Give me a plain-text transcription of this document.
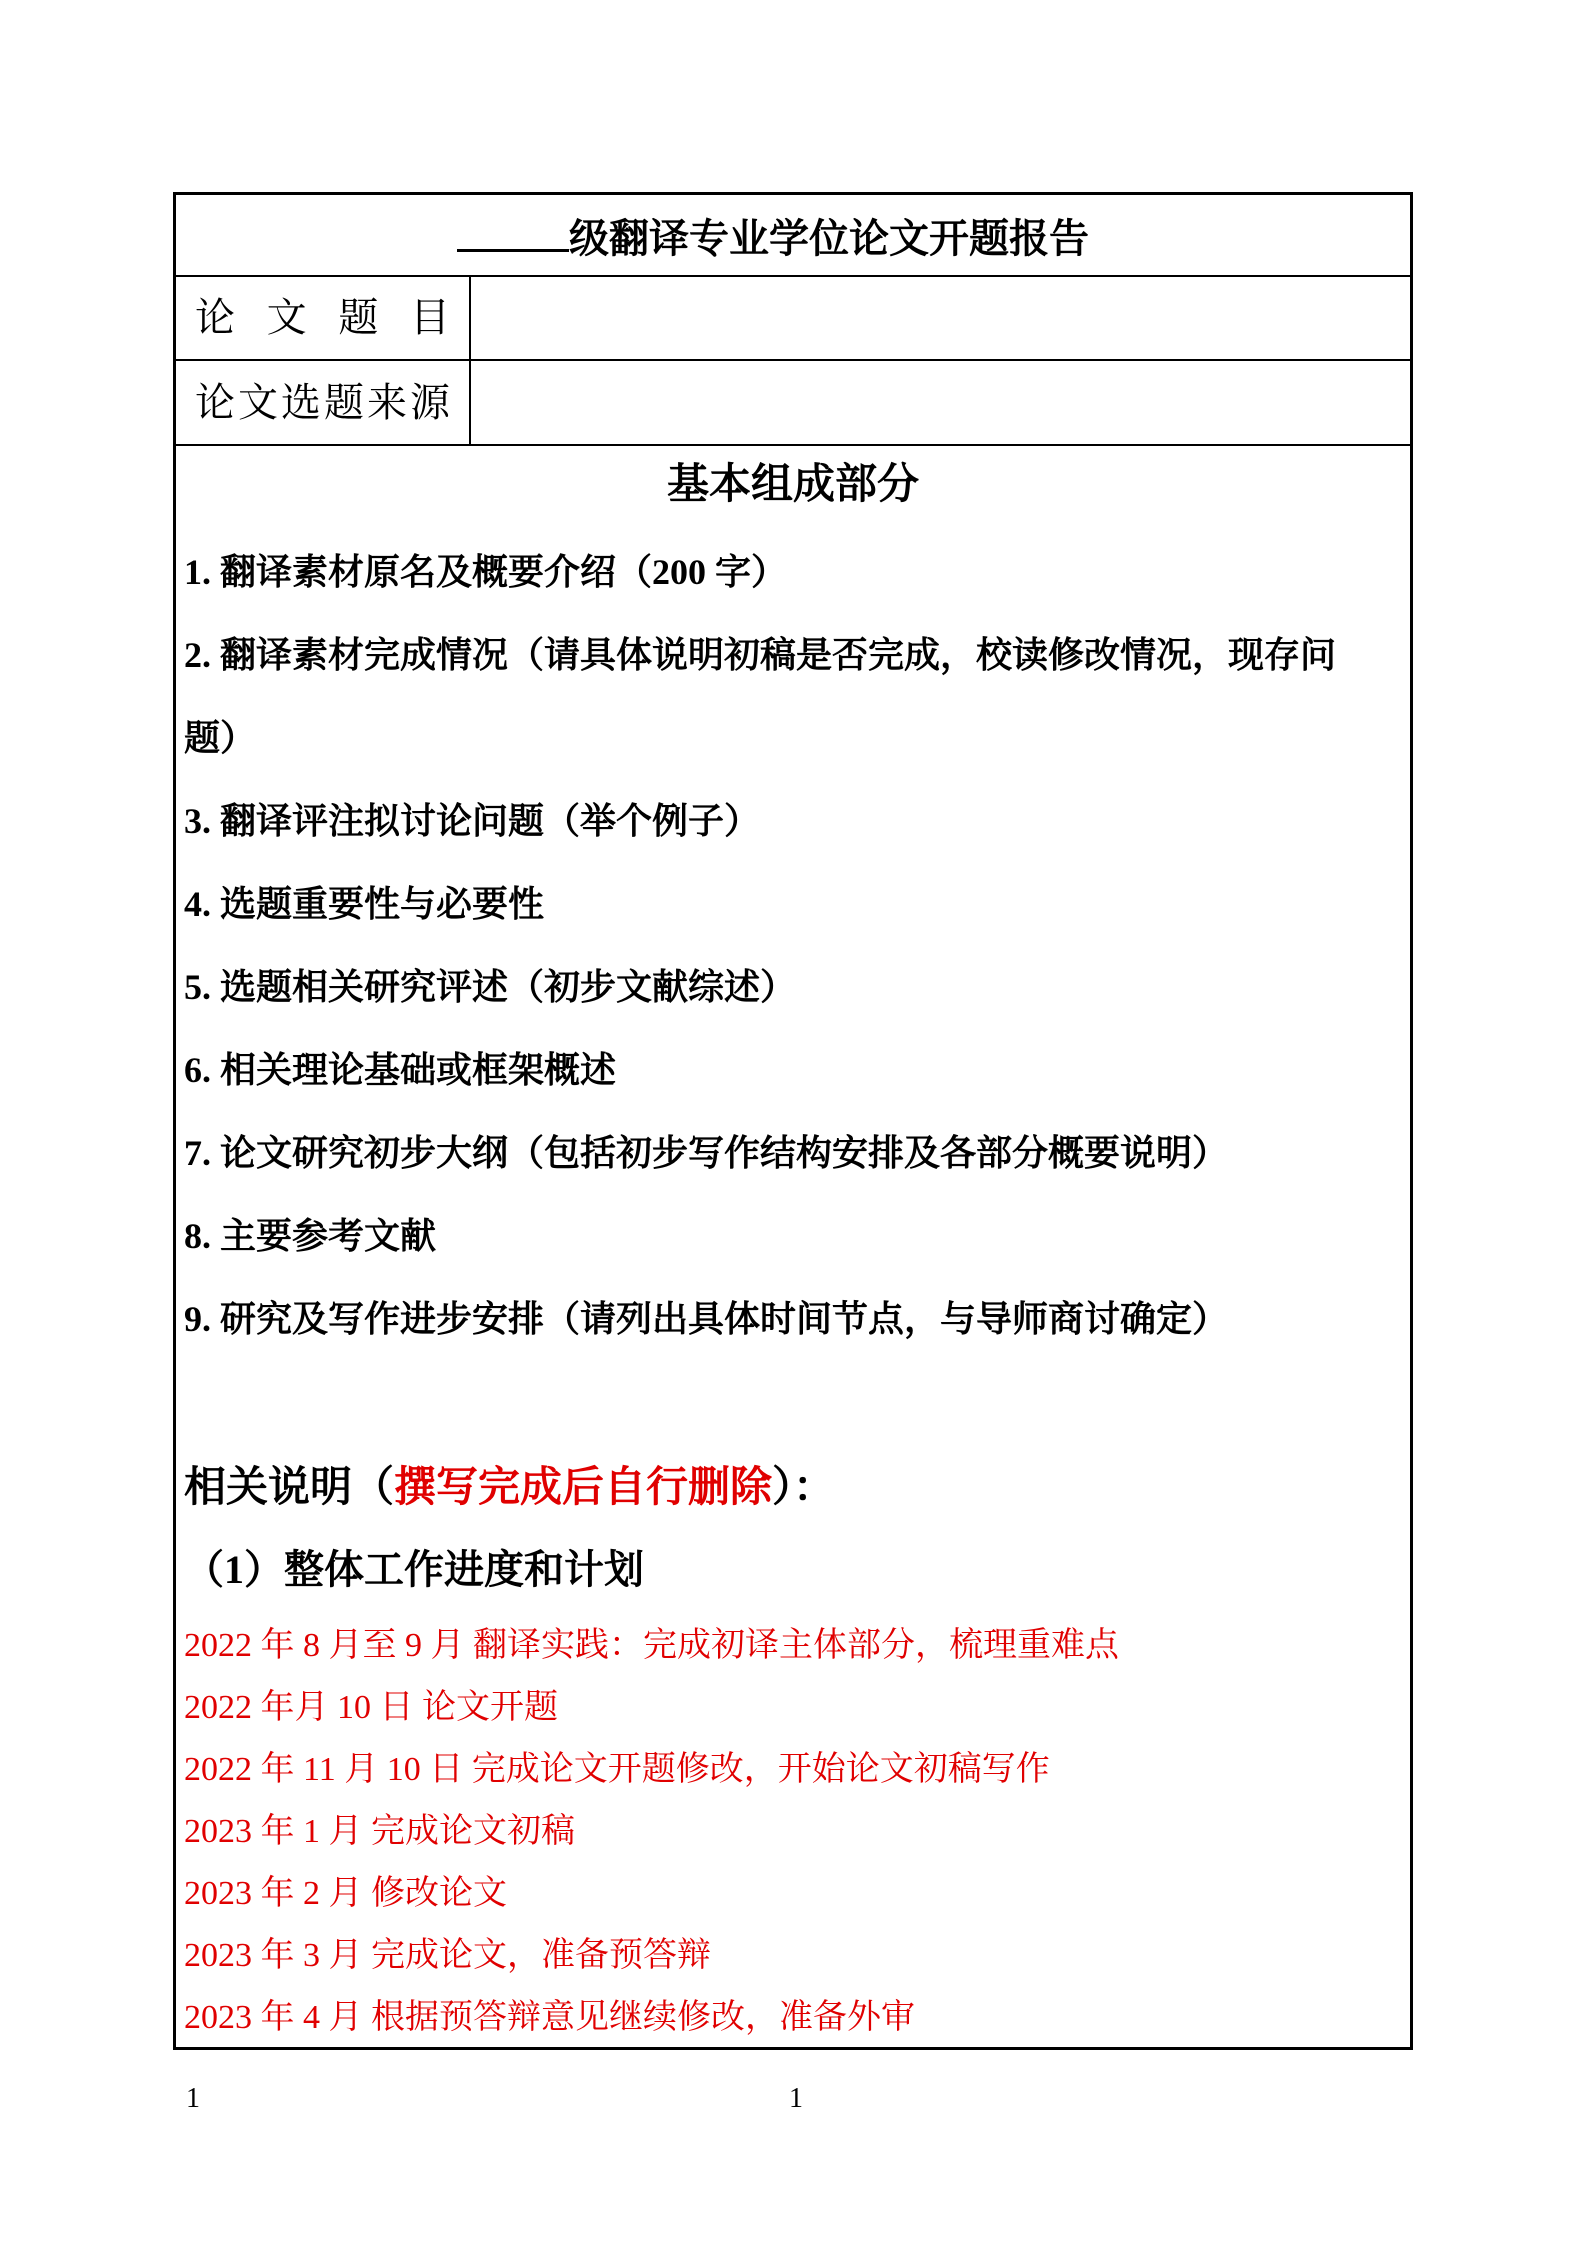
级翻译专业学位论文开题报告
论 文 题 目
论 文 选 题 来 源
基本组成部分
1. 翻译素材原名及概要介绍（200 字）
2. 翻译素材完成情况（请具体说明初稿是否完成，校读修改情况，现存问
题）
3. 翻译评注拟讨论问题（举个例子）
4. 选题重要性与必要性
5. 选题相关研究评述（初步文献综述）
6. 相关理论基础或框架概述
7. 论文研究初步大纲（包括初步写作结构安排及各部分概要说明）
8. 主要参考文献
9. 研究及写作进步安排（请列出具体时间节点，与导师商讨确定）
相关说明（撰写完成后自行删除）：
（1）整体工作进度和计划
2022 年 8 月至 9 月 翻译实践：完成初译主体部分，梳理重难点
2022 年月 10 日 论文开题
2022 年 11 月 10 日 完成论文开题修改，开始论文初稿写作
2023 年 1 月 完成论文初稿
2023 年 2 月 修改论文
2023 年 3 月 完成论文，准备预答辩
2023 年 4 月 根据预答辩意见继续修改，准备外审
1	1
